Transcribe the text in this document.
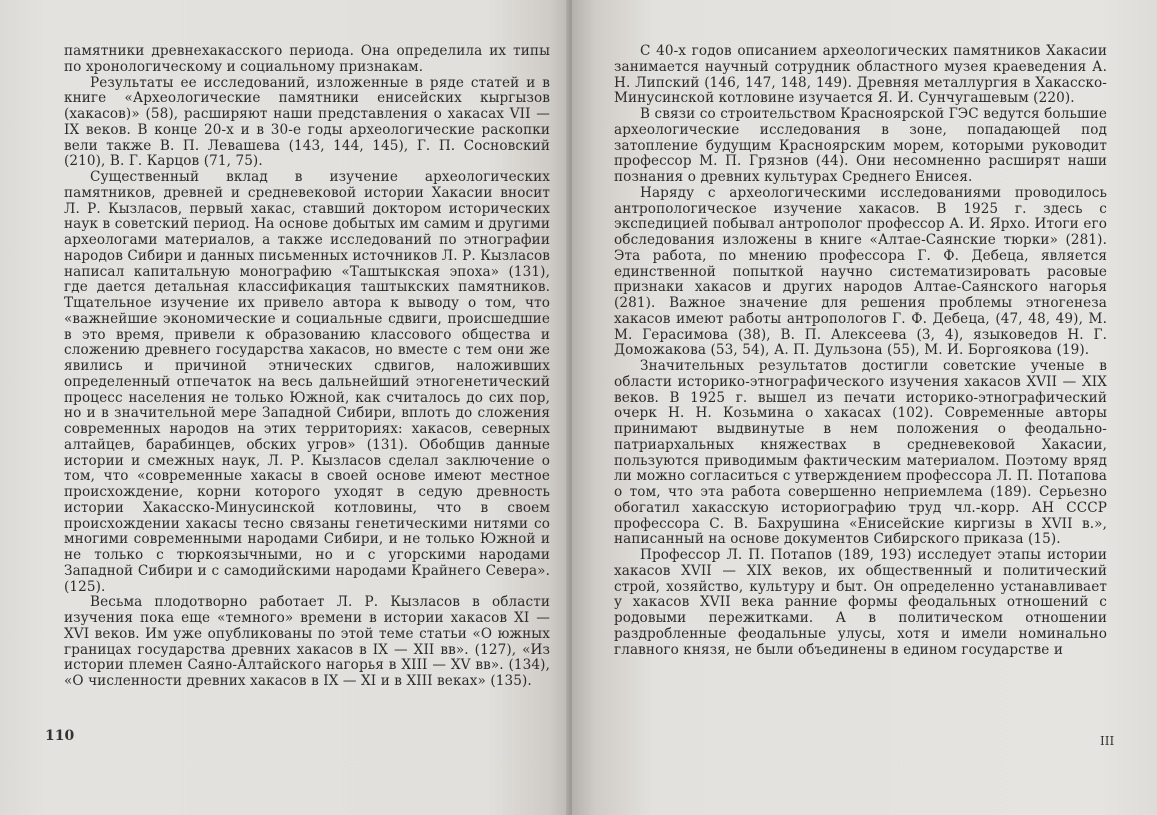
памятники древнехакасского периода. Она определила их типы по хронологическому и социальному признакам.

Результаты ее исследований, изложенные в ряде статей и в книге «Археологические памятники енисейских кыргызов (хакасов)» (58), расширяют наши представления о хакасах VII — IX веков. В конце 20-х и в 30-е годы археологические раскопки вели также В. П. Левашева (143, 144, 145), Г. П. Сосновский (210), В. Г. Карцов (71, 75).

Существенный вклад в изучение археологических памятников, древней и средневековой истории Хакасии вносит Л. Р. Кызласов, первый хакас, ставший доктором исторических наук в советский период. На основе добытых им самим и другими археологами материалов, а также исследований по этнографии народов Сибири и данных письменных источников Л. Р. Кызласов написал капитальную монографию «Таштыкская эпоха» (131), где дается детальная классификация таштыкских памятников. Тщательное изучение их привело автора к выводу о том, что «важнейшие экономические и социальные сдвиги, происшедшие в это время, привели к образованию классового общества и сложению древнего государства хакасов, но вместе с тем они же явились и причиной этнических сдвигов, наложивших определенный отпечаток на весь дальнейший этногенетический процесс населения не только Южной, как считалось до сих пор, но и в значительной мере Западной Сибири, вплоть до сложения современных народов на этих территориях: хакасов, северных алтайцев, барабинцев, обских угров» (131). Обобщив данные истории и смежных наук, Л. Р. Кызласов сделал заключение о том, что «современные хакасы в своей основе имеют местное происхождение, корни которого уходят в седую древность истории Хакасско-Минусинской котловины, что в своем происхождении хакасы тесно связаны генетическими нитями со многими современными народами Сибири, и не только Южной и не только с тюркоязычными, но и с угорскими народами Западной Сибири и с самодийскими народами Крайнего Севера». (125).

Весьма плодотворно работает Л. Р. Кызласов в области изучения пока еще «темного» времени в истории хакасов XI — XVI веков. Им уже опубликованы по этой теме статьи «О южных границах государства древних хакасов в IX — XII вв». (127), «Из истории племен Саяно-Алтайского нагорья в XIII — XV вв». (134), «О численности древних хакасов в IX — XI и в XIII веках» (135).

110

С 40-х годов описанием археологических памятников Хакасии занимается научный сотрудник областного музея краеведения А. Н. Липский (146, 147, 148, 149). Древняя металлургия в Хакасско-Минусинской котловине изучается Я. И. Сунчугашевым (220).

В связи со строительством Красноярской ГЭС ведутся большие археологические исследования в зоне, попадающей под затопление будущим Красноярским морем, которыми руководит профессор М. П. Грязнов (44). Они несомненно расширят наши познания о древних культурах Среднего Енисея.

Наряду с археологическими исследованиями проводилось антропологическое изучение хакасов. В 1925 г. здесь с экспедицией побывал антрополог профессор А. И. Ярхо. Итоги его обследования изложены в книге «Алтае-Саянские тюрки» (281). Эта работа, по мнению профессора Г. Ф. Дебеца, является единственной попыткой научно систематизировать расовые признаки хакасов и других народов Алтае-Саянского нагорья (281). Важное значение для решения проблемы этногенеза хакасов имеют работы антропологов Г. Ф. Дебеца, (47, 48, 49), М. М. Герасимова (38), В. П. Алексеева (3, 4), языковедов Н. Г. Доможакова (53, 54), А. П. Дульзона (55), М. И. Боргоякова (19).

Значительных результатов достигли советские ученые в области историко-этнографического изучения хакасов XVII — XIX веков. В 1925 г. вышел из печати историко-этнографический очерк Н. Н. Козьмина о хакасах (102). Современные авторы принимают выдвинутые в нем положения о феодально-патриархальных княжествах в средневековой Хакасии, пользуются приводимым фактическим материалом. Поэтому вряд ли можно согласиться с утверждением профессора Л. П. Потапова о том, что эта работа совершенно неприемлема (189). Серьезно обогатил хакасскую историографию труд чл.-корр. АН СССР профессора С. В. Бахрушина «Енисейские киргизы в XVII в.», написанный на основе документов Сибирского приказа (15).

Профессор Л. П. Потапов (189, 193) исследует этапы истории хакасов XVII — XIX веков, их общественный и политический строй, хозяйство, культуру и быт. Он определенно устанавливает у хакасов XVII века ранние формы феодальных отношений с родовыми пережитками. А в политическом отношении раздробленные феодальные улусы, хотя и имели номинально главного князя, не были объединены в едином государстве и

III
